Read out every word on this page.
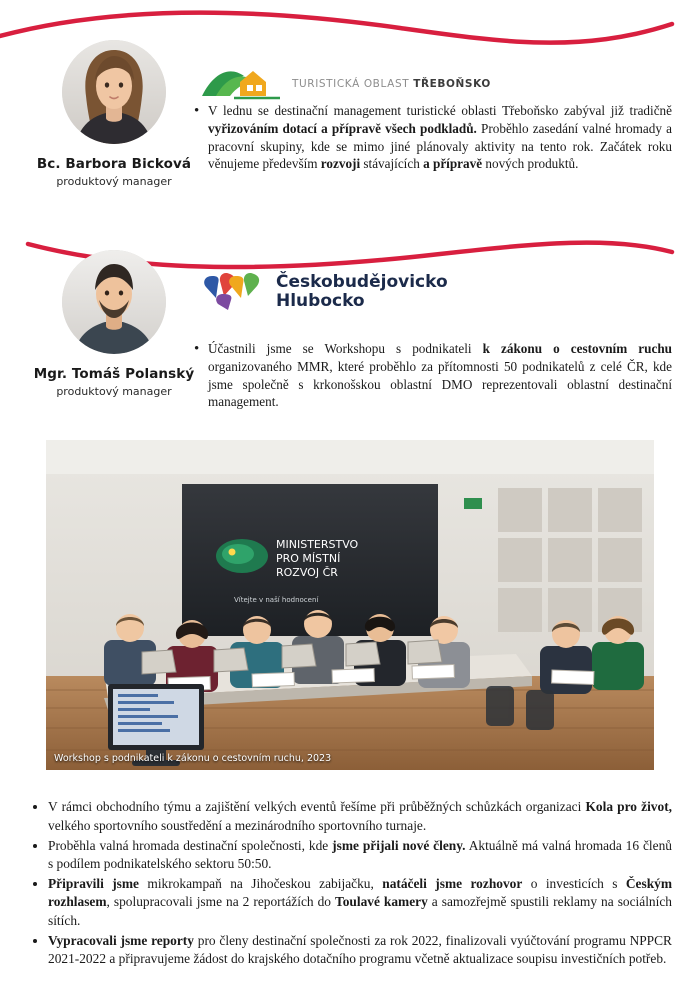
Bc. Barbora Bicková
produktový manager
TURISTICKÁ OBLAST TŘEBOŇSKO
• V lednu se destinační management turistické oblasti Třeboňsko zabýval již tradičně vyřizováním dotací a přípravě všech podkladů. Proběhlo zasedání valné hromady a pracovní skupiny, kde se mimo jiné plánovaly aktivity na tento rok. Začátek roku věnujeme především rozvoji stávajících a přípravě nových produktů.
Mgr. Tomáš Polanský
produktový manager
Českobudějovicko
Hlubocko
• Účastnili jsme se Workshopu s podnikateli k zákonu o cestovním ruchu organizovaného MMR, které proběhlo za přítomnosti 50 podnikatelů z celé ČR, kde jsme společně s krkonošskou oblastní DMO reprezentovali oblastní destinační management.
MINISTERSTVO
PRO MÍSTNÍ
ROZVOJ ČR
Vítejte v naší hodnocení
Workshop s podnikateli k zákonu o cestovním ruchu, 2023
• V rámci obchodního týmu a zajištění velkých eventů řešíme při průběžných schůzkách organizaci Kola pro život, velkého sportovního soustředění a mezinárodního sportovního turnaje.
• Proběhla valná hromada destinační společnosti, kde jsme přijali nové členy. Aktuálně má valná hromada 16 členů s podílem podnikatelského sektoru 50:50.
• Připravili jsme mikrokampaň na Jihočeskou zabijačku, natáčeli jsme rozhovor o investicích s Českým rozhlasem, spolupracovali jsme na 2 reportážích do Toulavé kamery a samozřejmě spustili reklamy na sociálních sítích.
• Vypracovali jsme reporty pro členy destinační společnosti za rok 2022, finalizovali vyúčtování programu NPPCR 2021-2022 a připravujeme žádost do krajského dotačního programu včetně aktualizace soupisu investičních potřeb.
